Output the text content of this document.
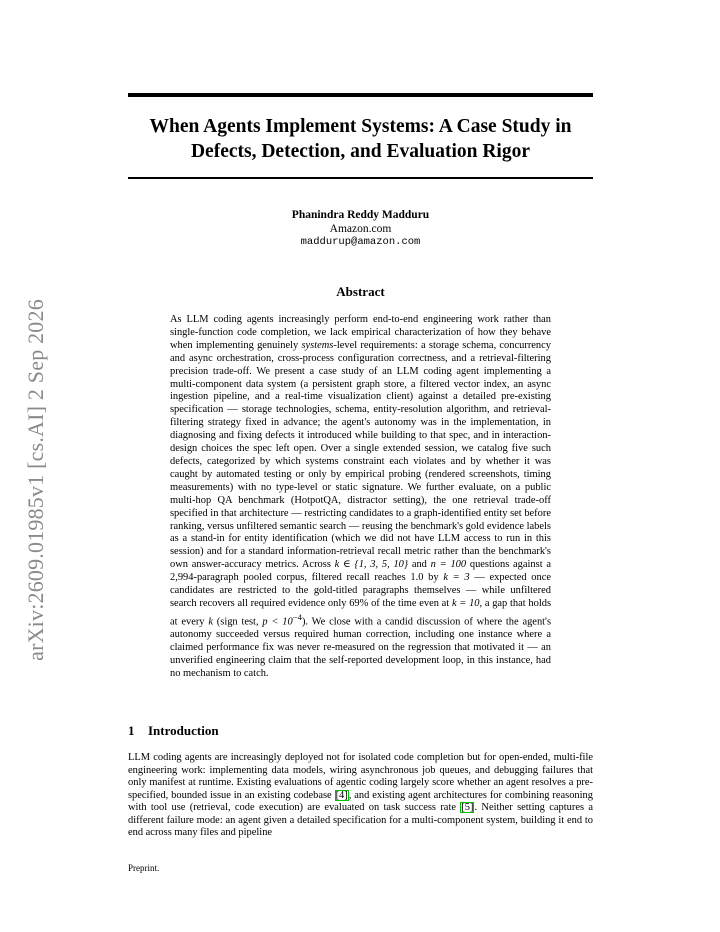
arXiv:2609.01985v1 [cs.AI] 2 Sep 2026
When Agents Implement Systems: A Case Study in Defects, Detection, and Evaluation Rigor
Phanindra Reddy Madduru
Amazon.com
maddurup@amazon.com
Abstract
As LLM coding agents increasingly perform end-to-end engineering work rather than single-function code completion, we lack empirical characterization of how they behave when implementing genuinely systems-level requirements: a storage schema, concurrency and async orchestration, cross-process configuration correctness, and a retrieval-filtering precision trade-off. We present a case study of an LLM coding agent implementing a multi-component data system (a persistent graph store, a filtered vector index, an async ingestion pipeline, and a real-time visualization client) against a detailed pre-existing specification — storage technologies, schema, entity-resolution algorithm, and retrieval-filtering strategy fixed in advance; the agent's autonomy was in the implementation, in diagnosing and fixing defects it introduced while building to that spec, and in interaction-design choices the spec left open. Over a single extended session, we catalog five such defects, categorized by which systems constraint each violates and by whether it was caught by automated testing or only by empirical probing (rendered screenshots, timing measurements) with no type-level or static signature. We further evaluate, on a public multi-hop QA benchmark (HotpotQA, distractor setting), the one retrieval trade-off specified in that architecture — restricting candidates to a graph-identified entity set before ranking, versus unfiltered semantic search — reusing the benchmark's gold evidence labels as a stand-in for entity identification (which we did not have LLM access to run in this session) and for a standard information-retrieval recall metric rather than the benchmark's own answer-accuracy metrics. Across k ∈ {1, 3, 5, 10} and n = 100 questions against a 2,994-paragraph pooled corpus, filtered recall reaches 1.0 by k = 3 — expected once candidates are restricted to the gold-titled paragraphs themselves — while unfiltered search recovers all required evidence only 69% of the time even at k = 10, a gap that holds at every k (sign test, $p < 10^{-4}$). We close with a candid discussion of where the agent's autonomy succeeded versus required human correction, including one instance where a claimed performance fix was never re-measured on the regression that motivated it — an unverified engineering claim that the self-reported development loop, in this instance, had no mechanism to catch.
1 Introduction
LLM coding agents are increasingly deployed not for isolated code completion but for open-ended, multi-file engineering work: implementing data models, wiring asynchronous job queues, and debugging failures that only manifest at runtime. Existing evaluations of agentic coding largely score whether an agent resolves a pre-specified, bounded issue in an existing codebase [4], and existing agent architectures for combining reasoning with tool use (retrieval, code execution) are evaluated on task success rate [5]. Neither setting captures a different failure mode: an agent given a detailed specification for a multi-component system, building it end to end across many files and pipeline
Preprint.
